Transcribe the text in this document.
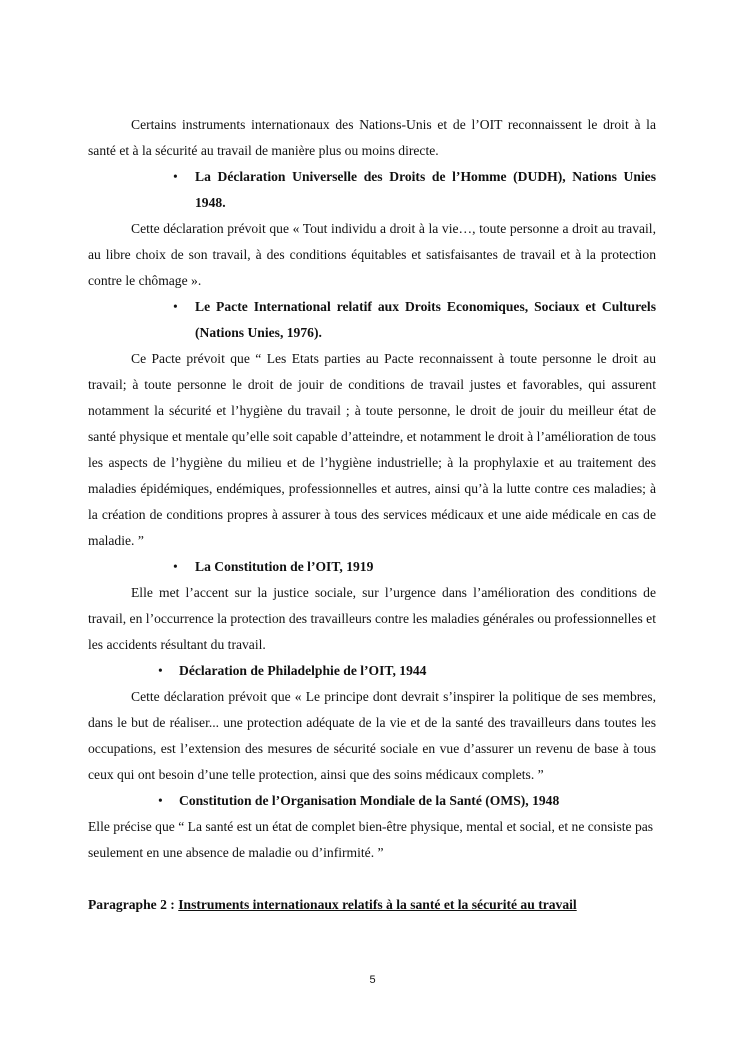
Certains instruments internationaux des Nations-Unis et de l’OIT reconnaissent le droit à la santé et à la sécurité au travail de manière plus ou moins directe.

• La Déclaration Universelle des Droits de l’Homme (DUDH), Nations Unies 1948.

Cette déclaration prévoit que « Tout individu a droit à la vie…, toute personne a droit au travail, au libre choix de son travail, à des conditions équitables et satisfaisantes de travail et à la protection contre le chômage ».

• Le Pacte International relatif aux Droits Economiques, Sociaux et Culturels (Nations Unies, 1976).

Ce Pacte prévoit que “ Les Etats parties au Pacte reconnaissent à toute personne le droit au travail; à toute personne le droit de jouir de conditions de travail justes et favorables, qui assurent notamment la sécurité et l’hygiène du travail ; à toute personne, le droit de jouir du meilleur état de santé physique et mentale qu’elle soit capable d’atteindre, et notamment le droit à l’amélioration de tous les aspects de l’hygiène du milieu et de l’hygiène industrielle; à la prophylaxie et au traitement des maladies épidémiques, endémiques, professionnelles et autres, ainsi qu’à la lutte contre ces maladies; à la création de conditions propres à assurer à tous des services médicaux et une aide médicale en cas de maladie. ”

• La Constitution de l’OIT, 1919

Elle met l’accent sur la justice sociale, sur l’urgence dans l’amélioration des conditions de travail, en l’occurrence la protection des travailleurs contre les maladies générales ou professionnelles et les accidents résultant du travail.

• Déclaration de Philadelphie de l’OIT, 1944

Cette déclaration prévoit que « Le principe dont devrait s’inspirer la politique de ses membres, dans le but de réaliser... une protection adéquate de la vie et de la santé des travailleurs dans toutes les occupations, est l’extension des mesures de sécurité sociale en vue d’assurer un revenu de base à tous ceux qui ont besoin d’une telle protection, ainsi que des soins médicaux complets. ”

• Constitution de l’Organisation Mondiale de la Santé (OMS), 1948

Elle précise que “ La santé est un état de complet bien-être physique, mental et social, et ne consiste pas seulement en une absence de maladie ou d’infirmité. ”

Paragraphe 2 : Instruments internationaux relatifs à la santé et la sécurité au travail
5
